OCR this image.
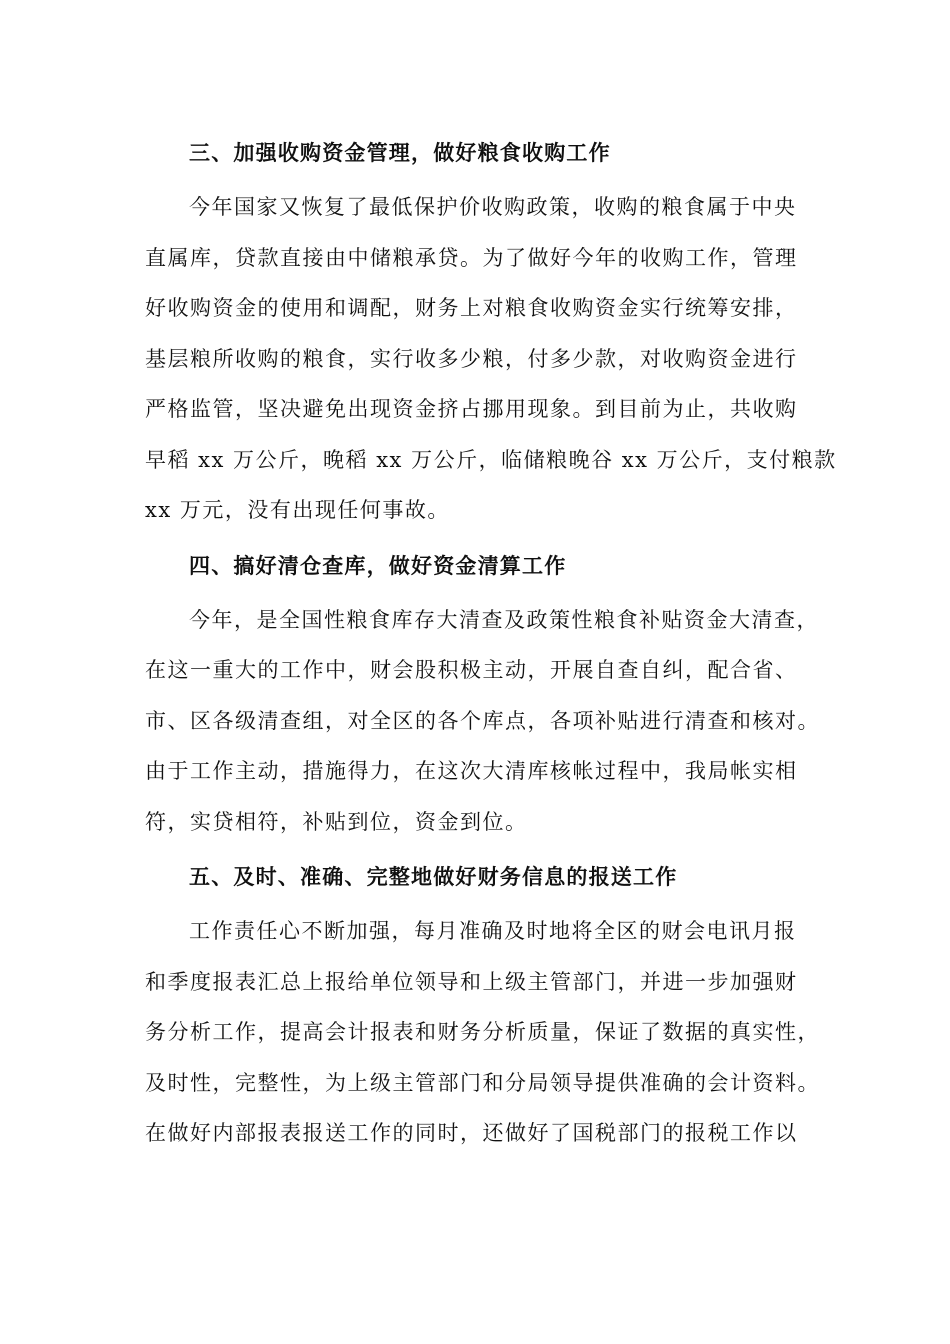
三、加强收购资金管理，做好粮食收购工作

今年国家又恢复了最低保护价收购政策，收购的粮食属于中央
直属库，贷款直接由中储粮承贷。为了做好今年的收购工作，管理
好收购资金的使用和调配，财务上对粮食收购资金实行统筹安排，
基层粮所收购的粮食，实行收多少粮，付多少款，对收购资金进行
严格监管，坚决避免出现资金挤占挪用现象。到目前为止，共收购
早稻 xx 万公斤，晚稻 xx 万公斤，临储粮晚谷 xx 万公斤，支付粮款
xx 万元，没有出现任何事故。

四、搞好清仓查库，做好资金清算工作

今年，是全国性粮食库存大清查及政策性粮食补贴资金大清查，
在这一重大的工作中，财会股积极主动，开展自查自纠，配合省、
市、区各级清查组，对全区的各个库点，各项补贴进行清查和核对。
由于工作主动，措施得力，在这次大清库核帐过程中，我局帐实相
符，实贷相符，补贴到位，资金到位。

五、及时、准确、完整地做好财务信息的报送工作

工作责任心不断加强，每月准确及时地将全区的财会电讯月报
和季度报表汇总上报给单位领导和上级主管部门，并进一步加强财
务分析工作，提高会计报表和财务分析质量，保证了数据的真实性，
及时性，完整性，为上级主管部门和分局领导提供准确的会计资料。
在做好内部报表报送工作的同时，还做好了国税部门的报税工作以
